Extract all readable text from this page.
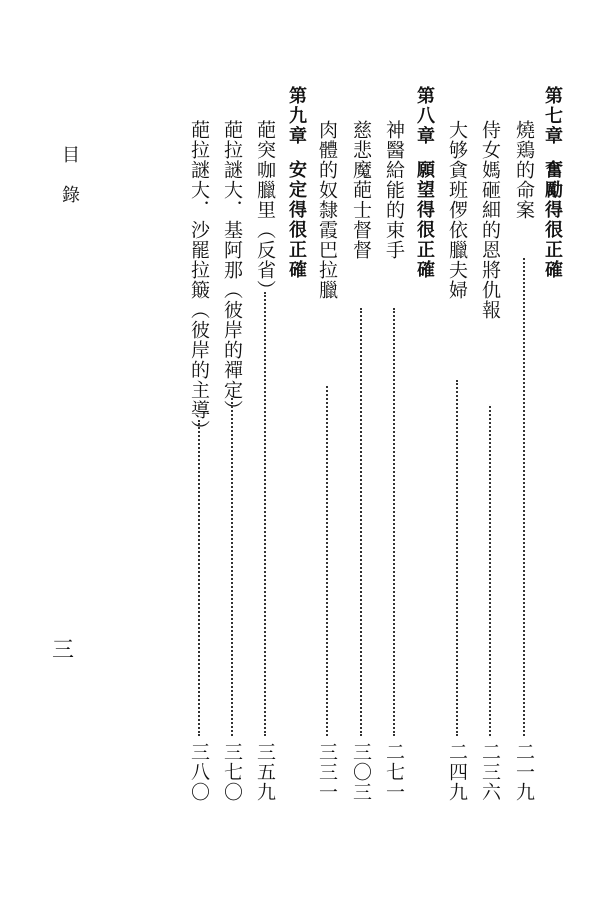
第七章
奮勵得很正確
燒鶏的命案
二一九
侍女媽砸細的恩將仇報
二三六
大够貪班㑩依臘夫婦
二四九
第八章
願望得很正確
神醫給能的束手
二七一
慈悲魔葩士督督
三〇三
肉體的奴隸霞巴拉臘
三三一
第九章
安定得很正確
葩突咖臘里（反省）
三五九
葩拉謎大．基阿那（彼岸的禪定）
三七〇
葩拉謎大．沙罷拉簸（彼岸的主導）
三八〇
目錄
三
